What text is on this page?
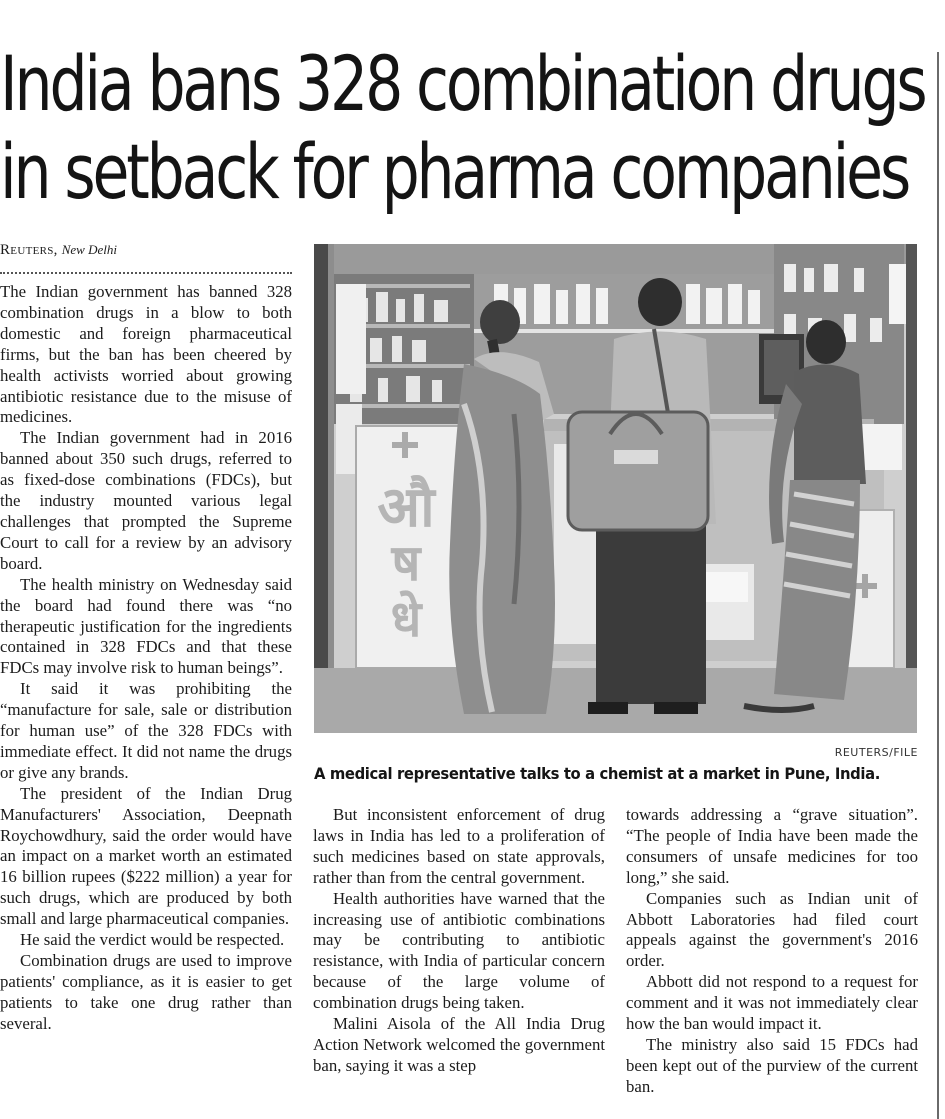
India bans 328 combination drugs
in setback for pharma companies
Reuters, New Delhi

The Indian government has banned 328 combination drugs in a blow to both domestic and foreign pharmaceutical firms, but the ban has been cheered by health activists worried about growing antibiotic resistance due to the misuse of medicines.

The Indian government had in 2016 banned about 350 such drugs, referred to as fixed-dose combinations (FDCs), but the industry mounted various legal challenges that prompted the Supreme Court to call for a review by an advisory board.

The health ministry on Wednesday said the board had found there was “no therapeutic justification for the ingredients contained in 328 FDCs and that these FDCs may involve risk to human beings”.

It said it was prohibiting the “manufacture for sale, sale or distribution for human use” of the 328 FDCs with immediate effect. It did not name the drugs or give any brands.

The president of the Indian Drug Manufacturers' Association, Deepnath Roychowdhury, said the order would have an impact on a market worth an estimated 16 billion rupees ($222 million) a year for such drugs, which are produced by both small and large pharmaceutical companies.

He said the verdict would be respected.

Combination drugs are used to improve patients' compliance, as it is easier to get patients to take one drug rather than several.

औ
ष
धे
REUTERS/FILE
A medical representative talks to a chemist at a market in Pune, India.

But inconsistent enforcement of drug laws in India has led to a proliferation of such medicines based on state approvals, rather than from the central government.

Health authorities have warned that the increasing use of antibiotic combinations may be contributing to antibiotic resistance, with India of particular concern because of the large volume of combination drugs being taken.

Malini Aisola of the All India Drug Action Network welcomed the government ban, saying it was a step

towards addressing a “grave situation”. “The people of India have been made the consumers of unsafe medicines for too long,” she said.

Companies such as Indian unit of Abbott Laboratories had filed court appeals against the government's 2016 order.

Abbott did not respond to a request for comment and it was not immediately clear how the ban would impact it.

The ministry also said 15 FDCs had been kept out of the purview of the current ban.
